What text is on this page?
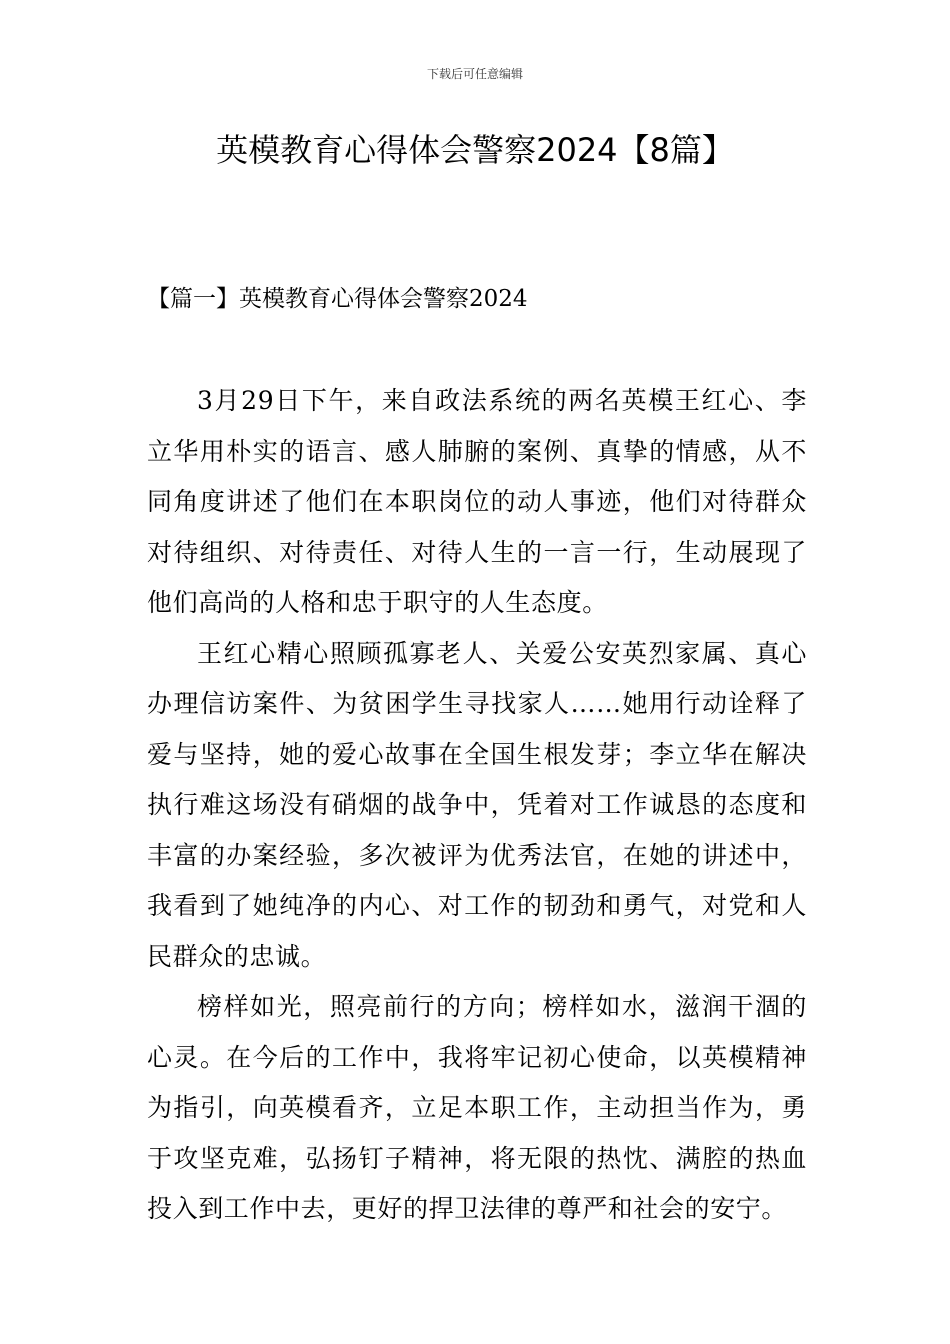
下载后可任意编辑
英模教育心得体会警察2024【8篇】
【篇一】英模教育心得体会警察2024

3月29日下午，来自政法系统的两名英模王红心、李立华用朴实的语言、感人肺腑的案例、真挚的情感，从不同角度讲述了他们在本职岗位的动人事迹，他们对待群众对待组织、对待责任、对待人生的一言一行，生动展现了他们高尚的人格和忠于职守的人生态度。

王红心精心照顾孤寡老人、关爱公安英烈家属、真心办理信访案件、为贫困学生寻找家人……她用行动诠释了爱与坚持，她的爱心故事在全国生根发芽；李立华在解决执行难这场没有硝烟的战争中，凭着对工作诚恳的态度和丰富的办案经验，多次被评为优秀法官，在她的讲述中，我看到了她纯净的内心、对工作的韧劲和勇气，对党和人民群众的忠诚。

榜样如光，照亮前行的方向；榜样如水，滋润干涸的心灵。在今后的工作中，我将牢记初心使命，以英模精神为指引，向英模看齐，立足本职工作，主动担当作为，勇于攻坚克难，弘扬钉子精神，将无限的热忱、满腔的热血投入到工作中去，更好的捍卫法律的尊严和社会的安宁。
